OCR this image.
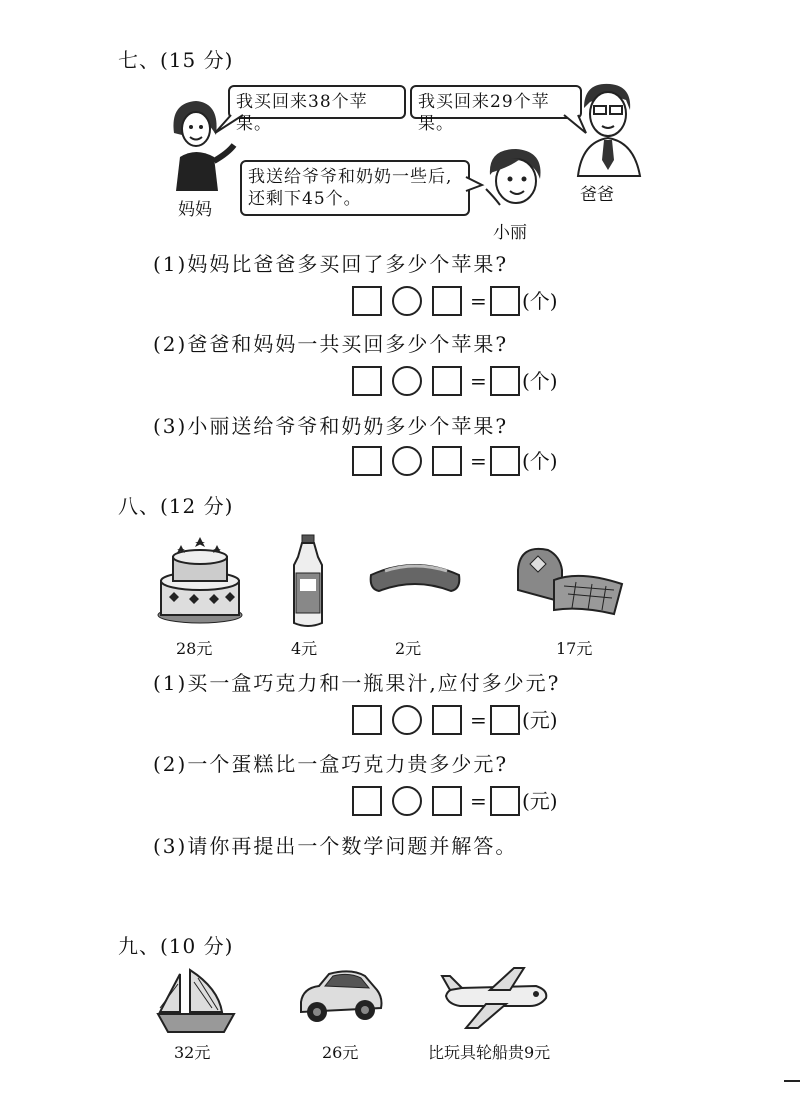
七、(15 分)
妈妈
我买回来38个苹果。
我买回来29个苹果。
我送给爷爷和奶奶一些后,
还剩下45个。
小丽
爸爸
(1)妈妈比爸爸多买回了多少个苹果?
= (个)
(2)爸爸和妈妈一共买回多少个苹果?
= (个)
(3)小丽送给爷爷和奶奶多少个苹果?
= (个)
八、(12 分)
28元	4元	2元	17元
(1)买一盒巧克力和一瓶果汁,应付多少元?
= (元)
(2)一个蛋糕比一盒巧克力贵多少元?
= (元)
(3)请你再提出一个数学问题并解答。
九、(10 分)
32元	26元	比玩具轮船贵9元
